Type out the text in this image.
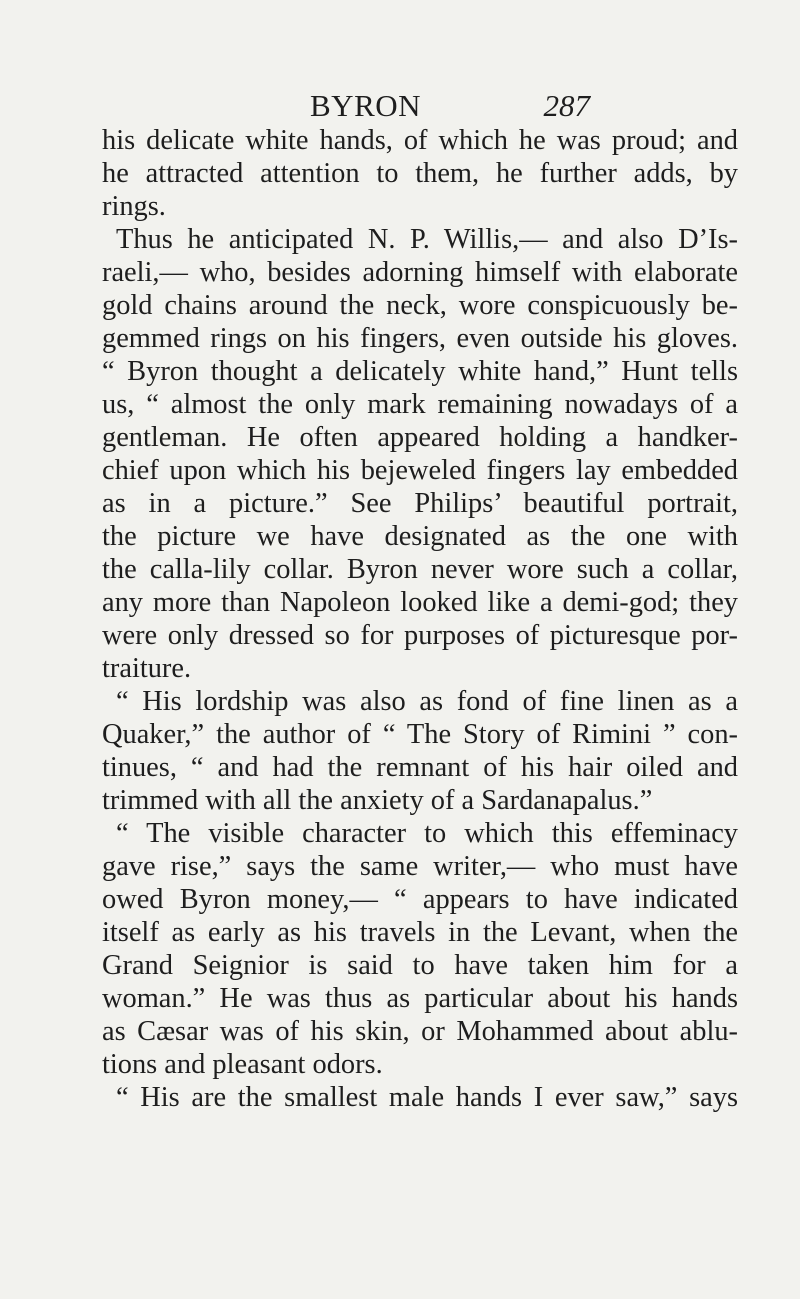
BYRON	287
his delicate white hands, of which he was proud; and
he attracted attention to them, he further adds, by
rings.
Thus he anticipated N. P. Willis,— and also D’Is-
raeli,— who, besides adorning himself with elaborate
gold chains around the neck, wore conspicuously be-
gemmed rings on his fingers, even outside his gloves.
“ Byron thought a delicately white hand,” Hunt tells
us, “ almost the only mark remaining nowadays of a
gentleman. He often appeared holding a handker-
chief upon which his bejeweled fingers lay embedded
as in a picture.” See Philips’ beautiful portrait,
the picture we have designated as the one with
the calla-lily collar. Byron never wore such a collar,
any more than Napoleon looked like a demi-god; they
were only dressed so for purposes of picturesque por-
traiture.
“ His lordship was also as fond of fine linen as a
Quaker,” the author of “ The Story of Rimini ” con-
tinues, “ and had the remnant of his hair oiled and
trimmed with all the anxiety of a Sardanapalus.”
“ The visible character to which this effeminacy
gave rise,” says the same writer,— who must have
owed Byron money,— “ appears to have indicated
itself as early as his travels in the Levant, when the
Grand Seignior is said to have taken him for a
woman.” He was thus as particular about his hands
as Cæsar was of his skin, or Mohammed about ablu-
tions and pleasant odors.
“ His are the smallest male hands I ever saw,” says
